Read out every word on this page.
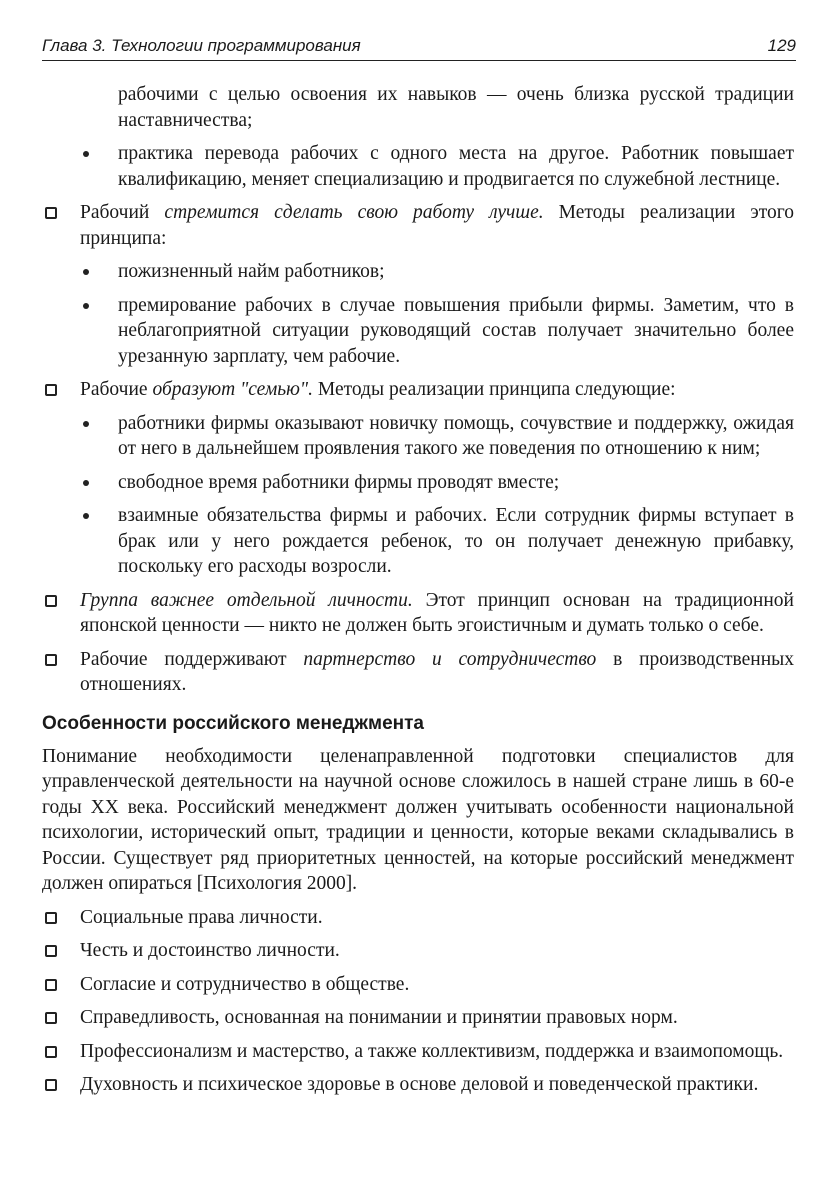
Глава 3. Технологии программирования	129
рабочими с целью освоения их навыков — очень близка русской традиции наставничества;
практика перевода рабочих с одного места на другое. Работник повышает квалификацию, меняет специализацию и продвигается по служебной лестнице.
Рабочий стремится сделать свою работу лучше. Методы реализации этого принципа:
пожизненный найм работников;
премирование рабочих в случае повышения прибыли фирмы. Заметим, что в неблагоприятной ситуации руководящий состав получает значительно более урезанную зарплату, чем рабочие.
Рабочие образуют "семью". Методы реализации принципа следующие:
работники фирмы оказывают новичку помощь, сочувствие и поддержку, ожидая от него в дальнейшем проявления такого же поведения по отношению к ним;
свободное время работники фирмы проводят вместе;
взаимные обязательства фирмы и рабочих. Если сотрудник фирмы вступает в брак или у него рождается ребенок, то он получает денежную прибавку, поскольку его расходы возросли.
Группа важнее отдельной личности. Этот принцип основан на традиционной японской ценности — никто не должен быть эгоистичным и думать только о себе.
Рабочие поддерживают партнерство и сотрудничество в производственных отношениях.
Особенности российского менеджмента
Понимание необходимости целенаправленной подготовки специалистов для управленческой деятельности на научной основе сложилось в нашей стране лишь в 60-е годы XX века. Российский менеджмент должен учитывать особенности национальной психологии, исторический опыт, традиции и ценности, которые веками складывались в России. Существует ряд приоритетных ценностей, на которые российский менеджмент должен опираться [Психология 2000].
Социальные права личности.
Честь и достоинство личности.
Согласие и сотрудничество в обществе.
Справедливость, основанная на понимании и принятии правовых норм.
Профессионализм и мастерство, а также коллективизм, поддержка и взаимопомощь.
Духовность и психическое здоровье в основе деловой и поведенческой практики.
